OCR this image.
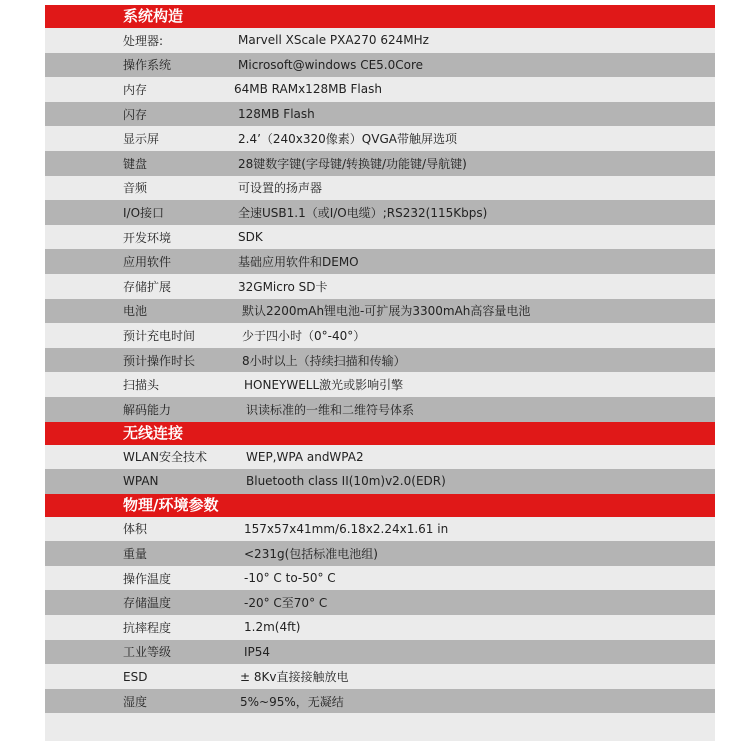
系统构造
处理器:	Marvell XScale PXA270 624MHz
操作系统	Microsoft@windows CE5.0Core
内存	64MB RAMx128MB Flash
闪存	128MB Flash
显示屏	2.4’（240x320像素）QVGA带触屏选项
键盘	28键数字键(字母键/转换键/功能键/导航键)
音频	可设置的扬声器
I/O接口	全速USB1.1（或I/O电缆）;RS232(115Kbps)
开发环境	SDK
应用软件	基础应用软件和DEMO
存储扩展	32GMicro SD卡
电池	默认2200mAh锂电池-可扩展为3300mAh高容量电池
预计充电时间	少于四小时（0°-40°）
预计操作时长	8小时以上（持续扫描和传输）
扫描头	HONEYWELL激光或影响引擎
解码能力	识读标准的一维和二维符号体系
无线连接
WLAN安全技术	WEP,WPA andWPA2
WPAN	Bluetooth class II(10m)v2.0(EDR)
物理/环境参数
体积	157x57x41mm/6.18x2.24x1.61 in
重量	<231g(包括标准电池组)
操作温度	-10° C to-50° C
存储温度	-20° C至70° C
抗摔程度	1.2m(4ft)
工业等级	IP54
ESD	± 8Kv直接接触放电
湿度	5%~95%，无凝结
